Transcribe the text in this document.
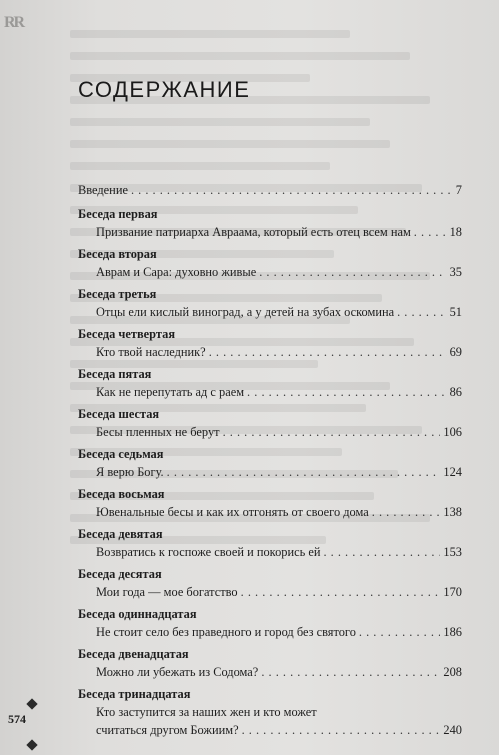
RR
СОДЕРЖАНИЕ
Введение . . .	7
Беседа первая
Призвание патриарха Авраама, который есть отец всем нам . . .	18
Беседа вторая
Аврам и Сара: духовно живые . . .	35
Беседа третья
Отцы ели кислый виноград, а у детей на зубах оскомина . . .	51
Беседа четвертая
Кто твой наследник? . . .	69
Беседа пятая
Как не перепутать ад с раем . . .	86
Беседа шестая
Бесы пленных не берут . . .	106
Беседа седьмая
Я верю Богу. . . .	124
Беседа восьмая
Ювенальные бесы и как их отгонять от своего дома . . .	138
Беседа девятая
Возвратись к госпоже своей и покорись ей . . .	153
Беседа десятая
Мои года — мое богатство . . .	170
Беседа одиннадцатая
Не стоит село без праведного и город без святого . . .	186
Беседа двенадцатая
Можно ли убежать из Содома? . . .	208
Беседа тринадцатая
Кто заступится за наших жен и кто может
считаться другом Божиим? . . .	240
574
